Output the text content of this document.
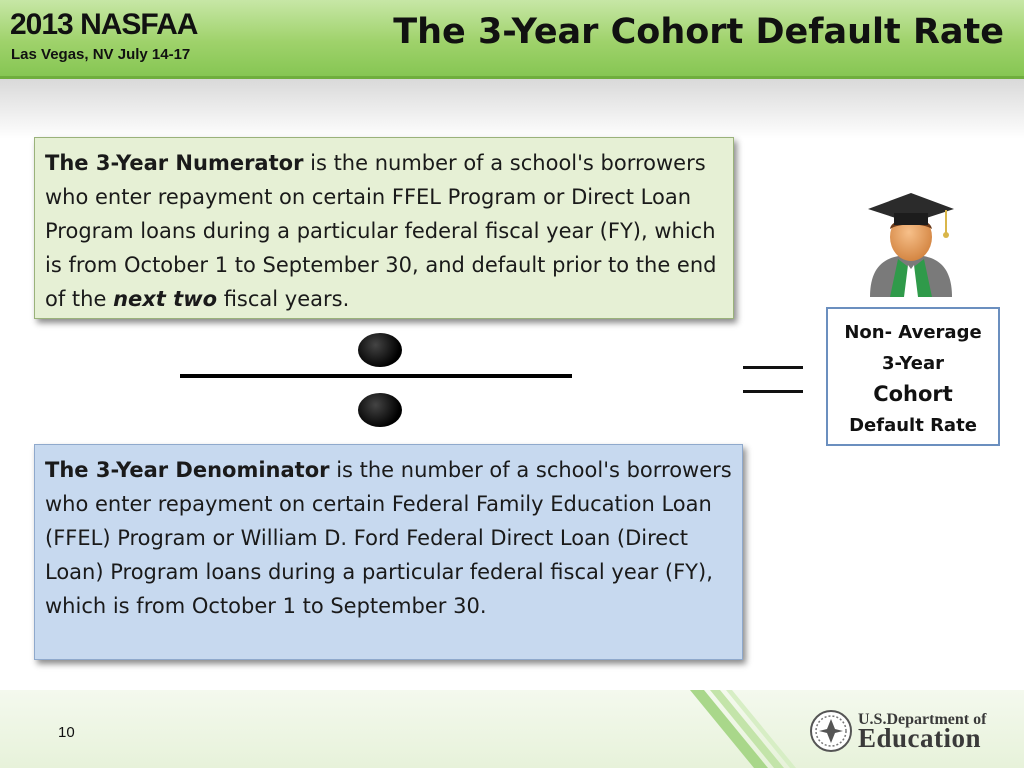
2013 NASFAA
Las Vegas, NV July 14-17
The 3-Year Cohort Default Rate
The 3-Year Numerator is the number of a school's borrowers who enter repayment on certain FFEL Program or Direct Loan Program loans during a particular federal fiscal year (FY), which is from October 1 to September 30, and default prior to the end of the next two fiscal years.
The 3-Year Denominator is the number of a school's borrowers who enter repayment on certain Federal Family Education Loan (FFEL) Program or William D. Ford Federal Direct Loan (Direct Loan) Program loans during a particular federal fiscal year (FY), which is from October 1 to September 30.
Non- Average
3-Year
Cohort
Default Rate
10
U.S.Department of
Education
